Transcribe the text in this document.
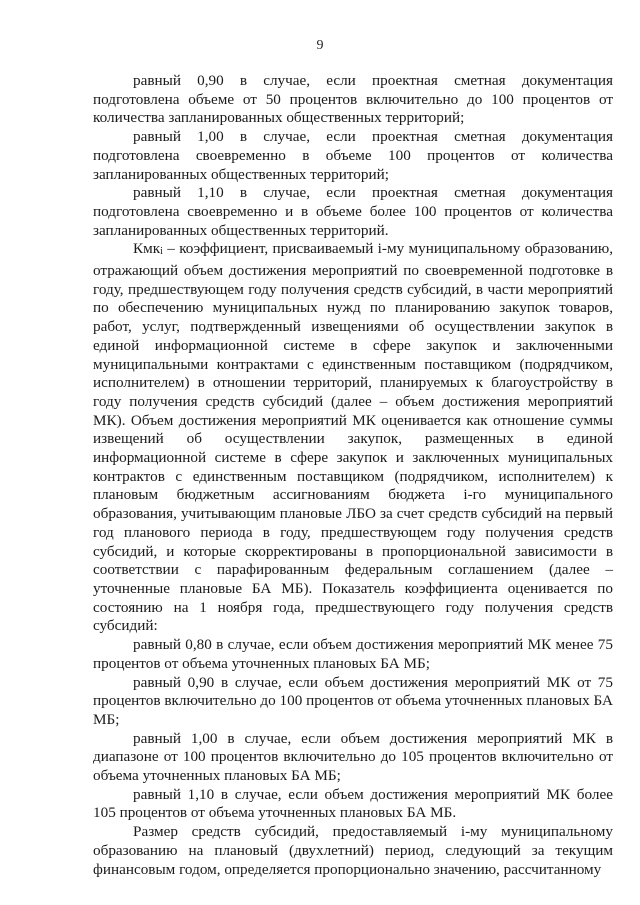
9

равный 0,90 в случае, если проектная сметная документация подготовлена объеме от 50 процентов включительно до 100 процентов от количества запланированных общественных территорий;

равный 1,00 в случае, если проектная сметная документация подготовлена своевременно в объеме 100 процентов от количества запланированных общественных территорий;

равный 1,10 в случае, если проектная сметная документация подготовлена своевременно и в объеме более 100 процентов от количества запланированных общественных территорий.

Кмкi – коэффициент, присваиваемый i-му муниципальному образованию, отражающий объем достижения мероприятий по своевременной подготовке в году, предшествующем году получения средств субсидий, в части мероприятий по обеспечению муниципальных нужд по планированию закупок товаров, работ, услуг, подтвержденный извещениями об осуществлении закупок в единой информационной системе в сфере закупок и заключенными муниципальными контрактами с единственным поставщиком (подрядчиком, исполнителем) в отношении территорий, планируемых к благоустройству в году получения средств субсидий (далее – объем достижения мероприятий МК). Объем достижения мероприятий МК оценивается как отношение суммы извещений об осуществлении закупок, размещенных в единой информационной системе в сфере закупок и заключенных муниципальных контрактов с единственным поставщиком (подрядчиком, исполнителем) к плановым бюджетным ассигнованиям бюджета i-го муниципального образования, учитывающим плановые ЛБО за счет средств субсидий на первый год планового периода в году, предшествующем году получения средств субсидий, и которые скорректированы в пропорциональной зависимости в соответствии с парафированным федеральным соглашением (далее – уточненные плановые БА МБ). Показатель коэффициента оценивается по состоянию на 1 ноября года, предшествующего году получения средств субсидий:

равный 0,80 в случае, если объем достижения мероприятий МК менее 75 процентов от объема уточненных плановых БА МБ;

равный 0,90 в случае, если объем достижения мероприятий МК от 75 процентов включительно до 100 процентов от объема уточненных плановых БА МБ;

равный 1,00 в случае, если объем достижения мероприятий МК в диапазоне от 100 процентов включительно до 105 процентов включительно от объема уточненных плановых БА МБ;

равный 1,10 в случае, если объем достижения мероприятий МК более 105 процентов от объема уточненных плановых БА МБ.

Размер средств субсидий, предоставляемый i-му муниципальному образованию на плановый (двухлетний) период, следующий за текущим финансовым годом, определяется пропорционально значению, рассчитанному
